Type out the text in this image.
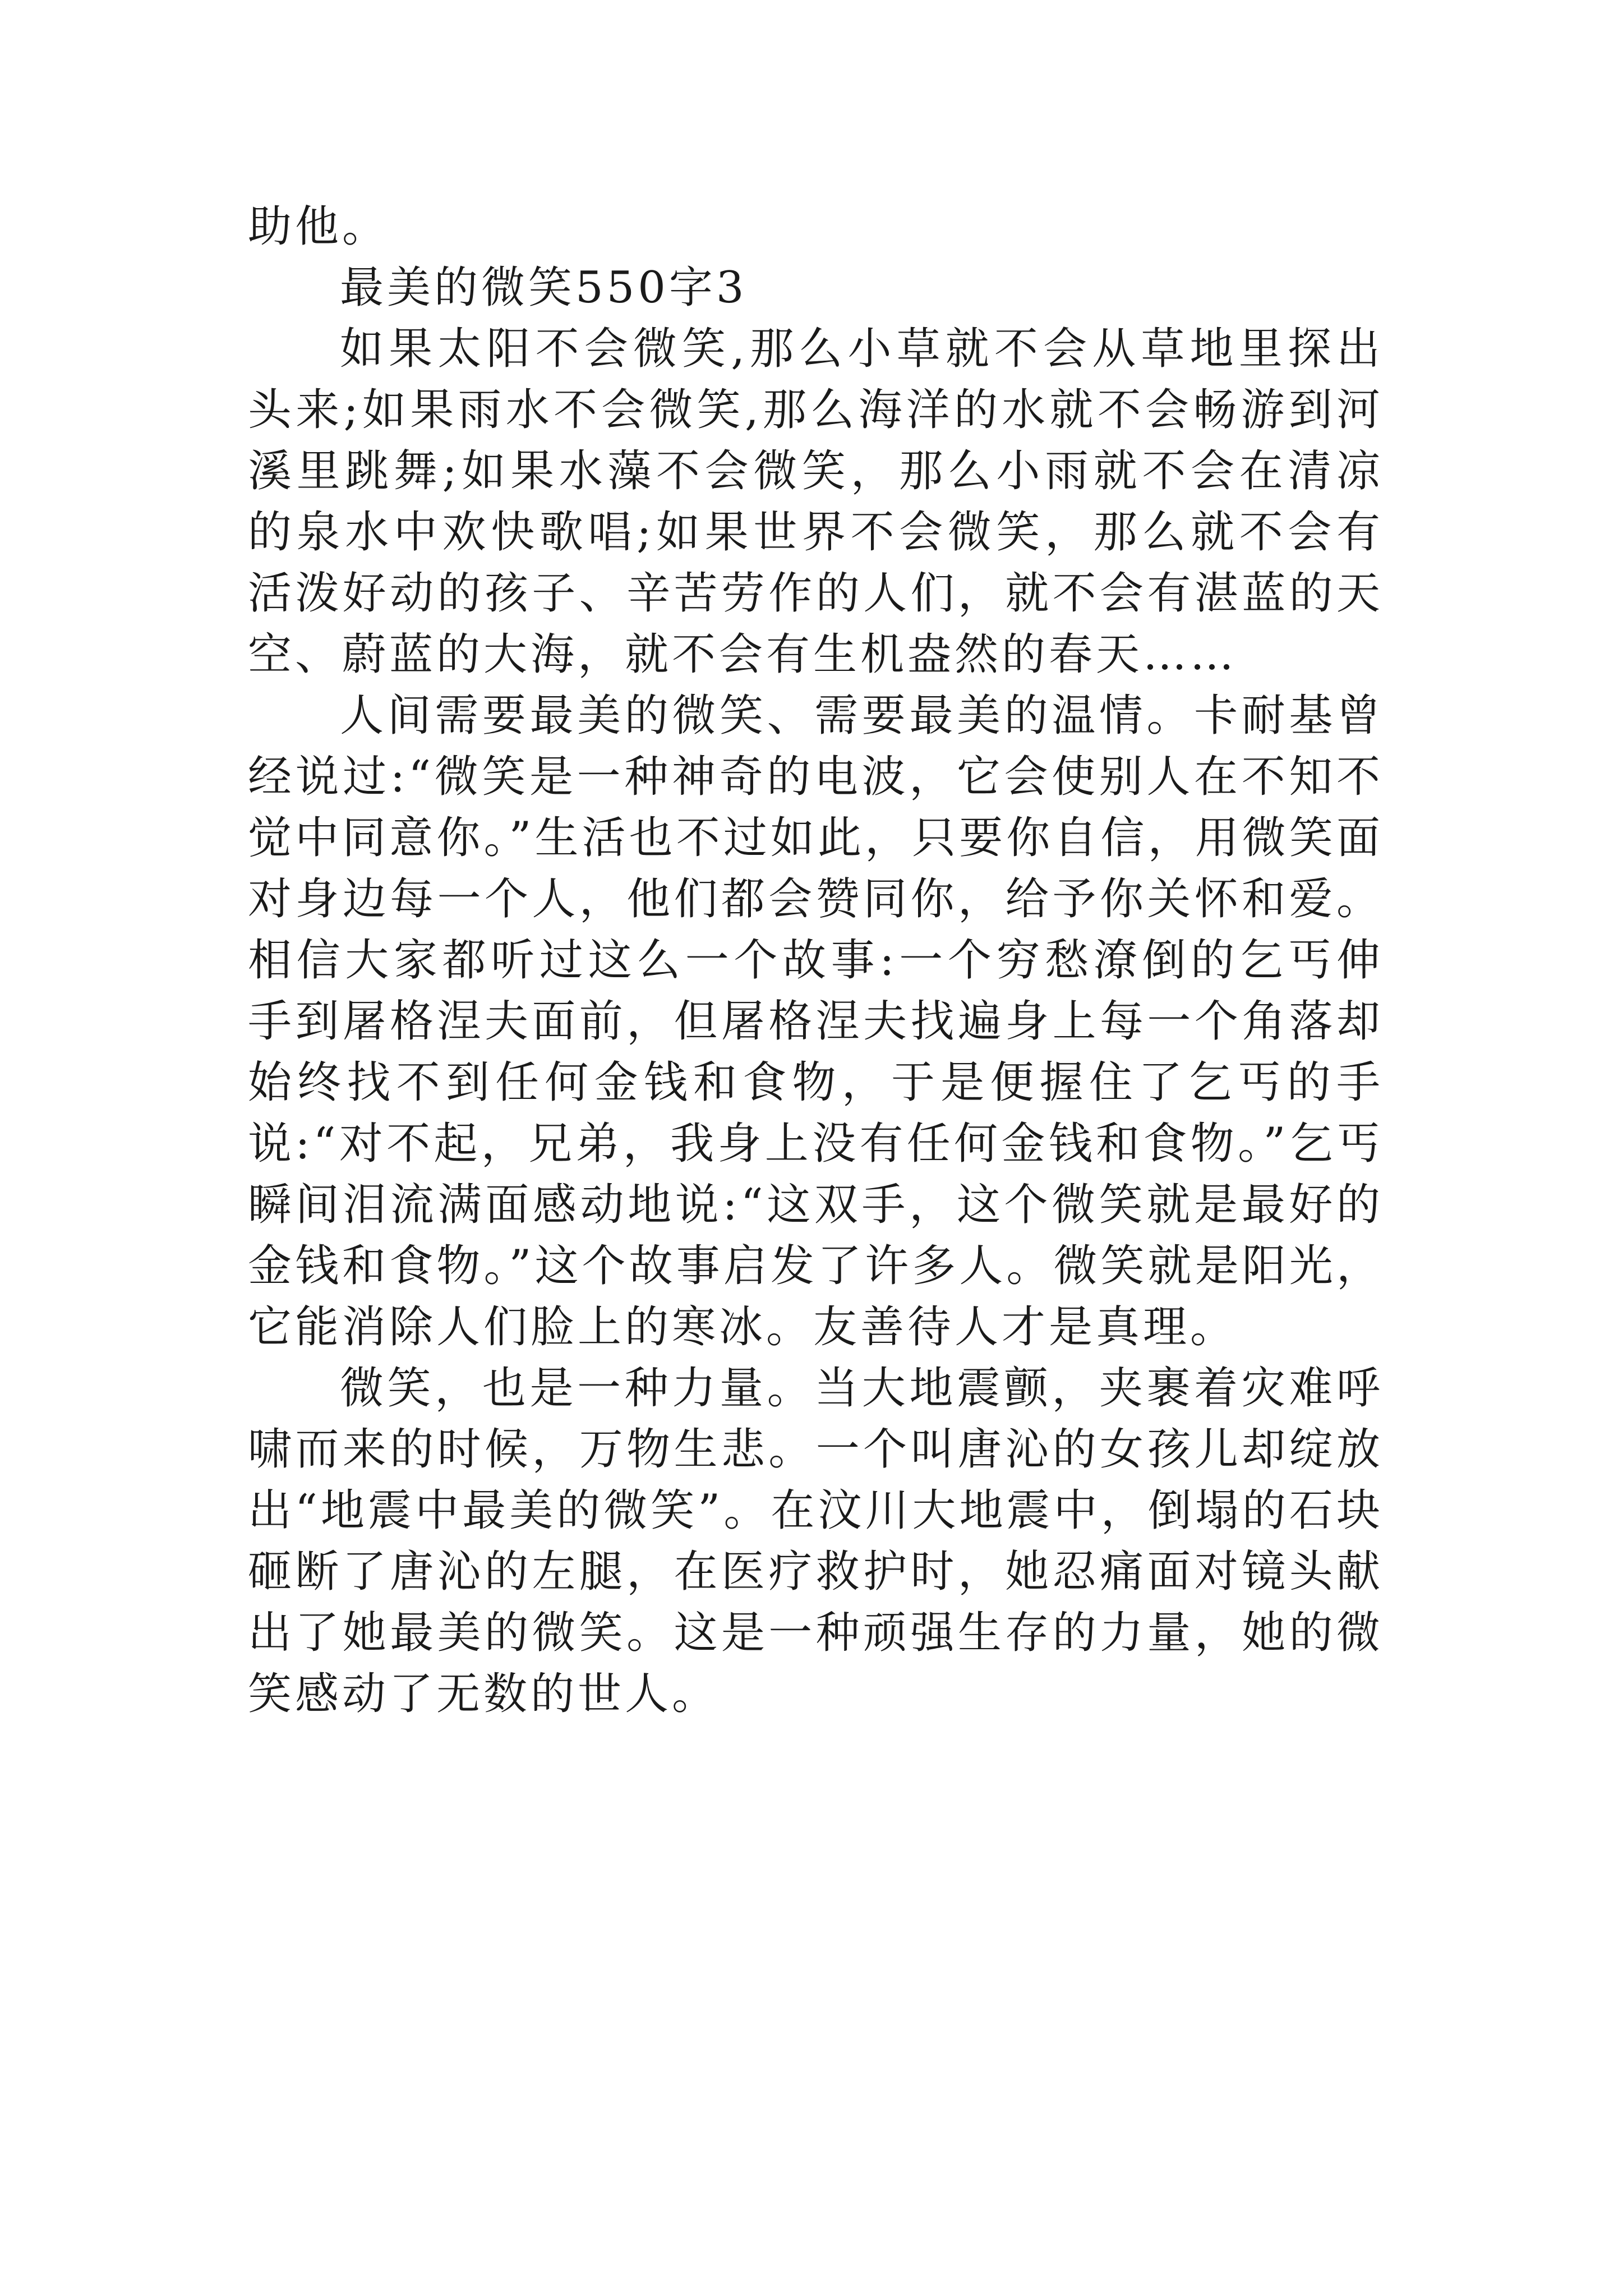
助他。

最美的微笑550字3

如果太阳不会微笑,那么小草就不会从草地里探出头来;如果雨水不会微笑,那么海洋的水就不会畅游到河溪里跳舞;如果水藻不会微笑，那么小雨就不会在清凉的泉水中欢快歌唱;如果世界不会微笑，那么就不会有活泼好动的孩子、辛苦劳作的人们，就不会有湛蓝的天空、蔚蓝的大海，就不会有生机盎然的春天……

人间需要最美的微笑、需要最美的温情。卡耐基曾经说过:“微笑是一种神奇的电波，它会使别人在不知不觉中同意你。”生活也不过如此，只要你自信，用微笑面对身边每一个人，他们都会赞同你，给予你关怀和爱。相信大家都听过这么一个故事:一个穷愁潦倒的乞丐伸手到屠格涅夫面前，但屠格涅夫找遍身上每一个角落却始终找不到任何金钱和食物，于是便握住了乞丐的手说:“对不起，兄弟，我身上没有任何金钱和食物。”乞丐瞬间泪流满面感动地说:“这双手，这个微笑就是最好的金钱和食物。”这个故事启发了许多人。微笑就是阳光，它能消除人们脸上的寒冰。友善待人才是真理。

微笑，也是一种力量。当大地震颤，夹裹着灾难呼啸而来的时候，万物生悲。一个叫唐沁的女孩儿却绽放出“地震中最美的微笑”。在汶川大地震中，倒塌的石块砸断了唐沁的左腿，在医疗救护时，她忍痛面对镜头献出了她最美的微笑。这是一种顽强生存的力量，她的微笑感动了无数的世人。
